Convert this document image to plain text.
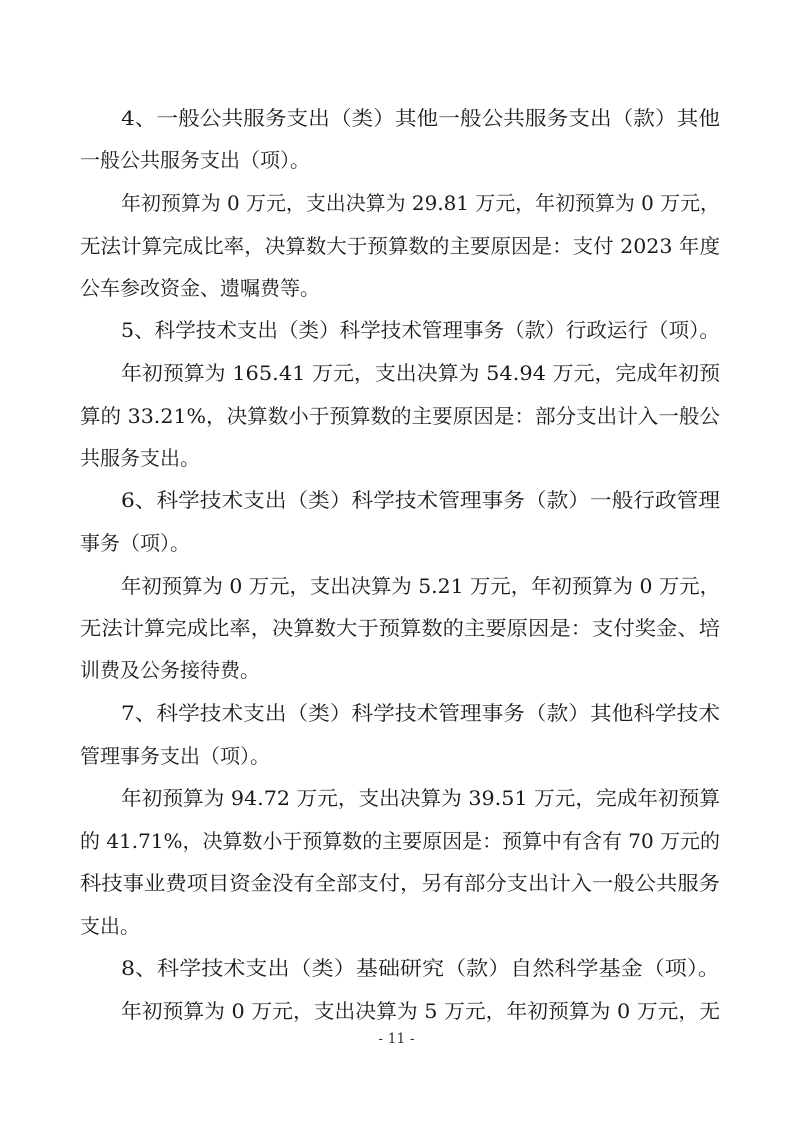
4、一般公共服务支出（类）其他一般公共服务支出（款）其他

一般公共服务支出（项）。

年初预算为 0 万元，支出决算为 29.81 万元，年初预算为 0 万元，

无法计算完成比率，决算数大于预算数的主要原因是：支付 2023 年度

公车参改资金、遗嘱费等。

5、科学技术支出（类）科学技术管理事务（款）行政运行（项）。

年初预算为 165.41 万元，支出决算为 54.94 万元，完成年初预

算的 33.21%，决算数小于预算数的主要原因是：部分支出计入一般公

共服务支出。

6、科学技术支出（类）科学技术管理事务（款）一般行政管理

事务（项）。

年初预算为 0 万元，支出决算为 5.21 万元，年初预算为 0 万元，

无法计算完成比率，决算数大于预算数的主要原因是：支付奖金、培

训费及公务接待费。

7、科学技术支出（类）科学技术管理事务（款）其他科学技术

管理事务支出（项）。

年初预算为 94.72 万元，支出决算为 39.51 万元，完成年初预算

的 41.71%，决算数小于预算数的主要原因是：预算中有含有 70 万元的

科技事业费项目资金没有全部支付，另有部分支出计入一般公共服务

支出。

8、科学技术支出（类）基础研究（款）自然科学基金（项）。

年初预算为 0 万元，支出决算为 5 万元，年初预算为 0 万元，无

- 11 -
